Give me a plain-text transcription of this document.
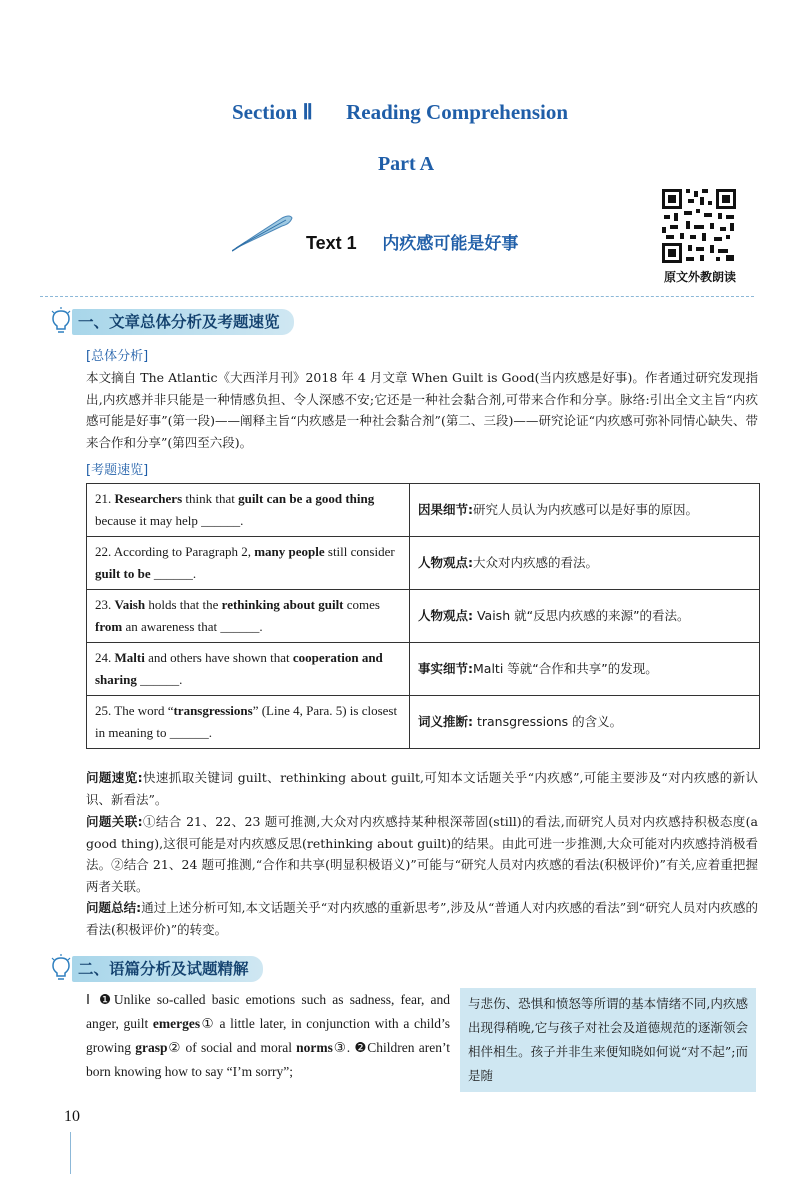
Section Ⅱ Reading Comprehension
Part A
Text 1 内疚感可能是好事
原文外教朗读
一、文章总体分析及考题速览
[总体分析]
本文摘自 The Atlantic《大西洋月刊》2018 年 4 月文章 When Guilt is Good(当内疚感是好事)。作者通过研究发现指出,内疚感并非只能是一种情感负担、令人深感不安;它还是一种社会黏合剂,可带来合作和分享。脉络:引出全文主旨“内疚感可能是好事”(第一段)——阐释主旨“内疚感是一种社会黏合剂”(第二、三段)——研究论证“内疚感可弥补同情心缺失、带来合作和分享”(第四至六段)。
[考题速览]
21. Researchers think that guilt can be a good thing because it may help ______.	因果细节:研究人员认为内疚感可以是好事的原因。
22. According to Paragraph 2, many people still consider guilt to be ______.	人物观点:大众对内疚感的看法。
23. Vaish holds that the rethinking about guilt comes from an awareness that ______.	人物观点: Vaish 就“反思内疚感的来源”的看法。
24. Malti and others have shown that cooperation and sharing ______.	事实细节:Malti 等就“合作和共享”的发现。
25. The word “transgressions” (Line 4, Para. 5) is closest in meaning to ______.	词义推断: transgressions 的含义。
问题速览:快速抓取关键词 guilt、rethinking about guilt,可知本文话题关乎“内疚感”,可能主要涉及“对内疚感的新认识、新看法”。
问题关联:①结合 21、22、23 题可推测,大众对内疚感持某种根深蒂固(still)的看法,而研究人员对内疚感持积极态度(a good thing),这很可能是对内疚感反思(rethinking about guilt)的结果。由此可进一步推测,大众可能对内疚感持消极看法。②结合 21、24 题可推测,“合作和共享(明显积极语义)”可能与“研究人员对内疚感的看法(积极评价)”有关,应着重把握两者关联。
问题总结:通过上述分析可知,本文话题关乎“对内疚感的重新思考”,涉及从“普通人对内疚感的看法”到“研究人员对内疚感的看法(积极评价)”的转变。
二、语篇分析及试题精解
Ⅰ ❶Unlike so-called basic emotions such as sadness, fear, and anger, guilt emerges① a little later, in conjunction with a child’s growing grasp② of social and moral norms③. ❷Children aren’t born knowing how to say “I’m sorry”;
与悲伤、恐惧和愤怒等所谓的基本情绪不同,内疚感出现得稍晚,它与孩子对社会及道德规范的逐渐领会相伴相生。孩子并非生来便知晓如何说“对不起”;而是随
10
